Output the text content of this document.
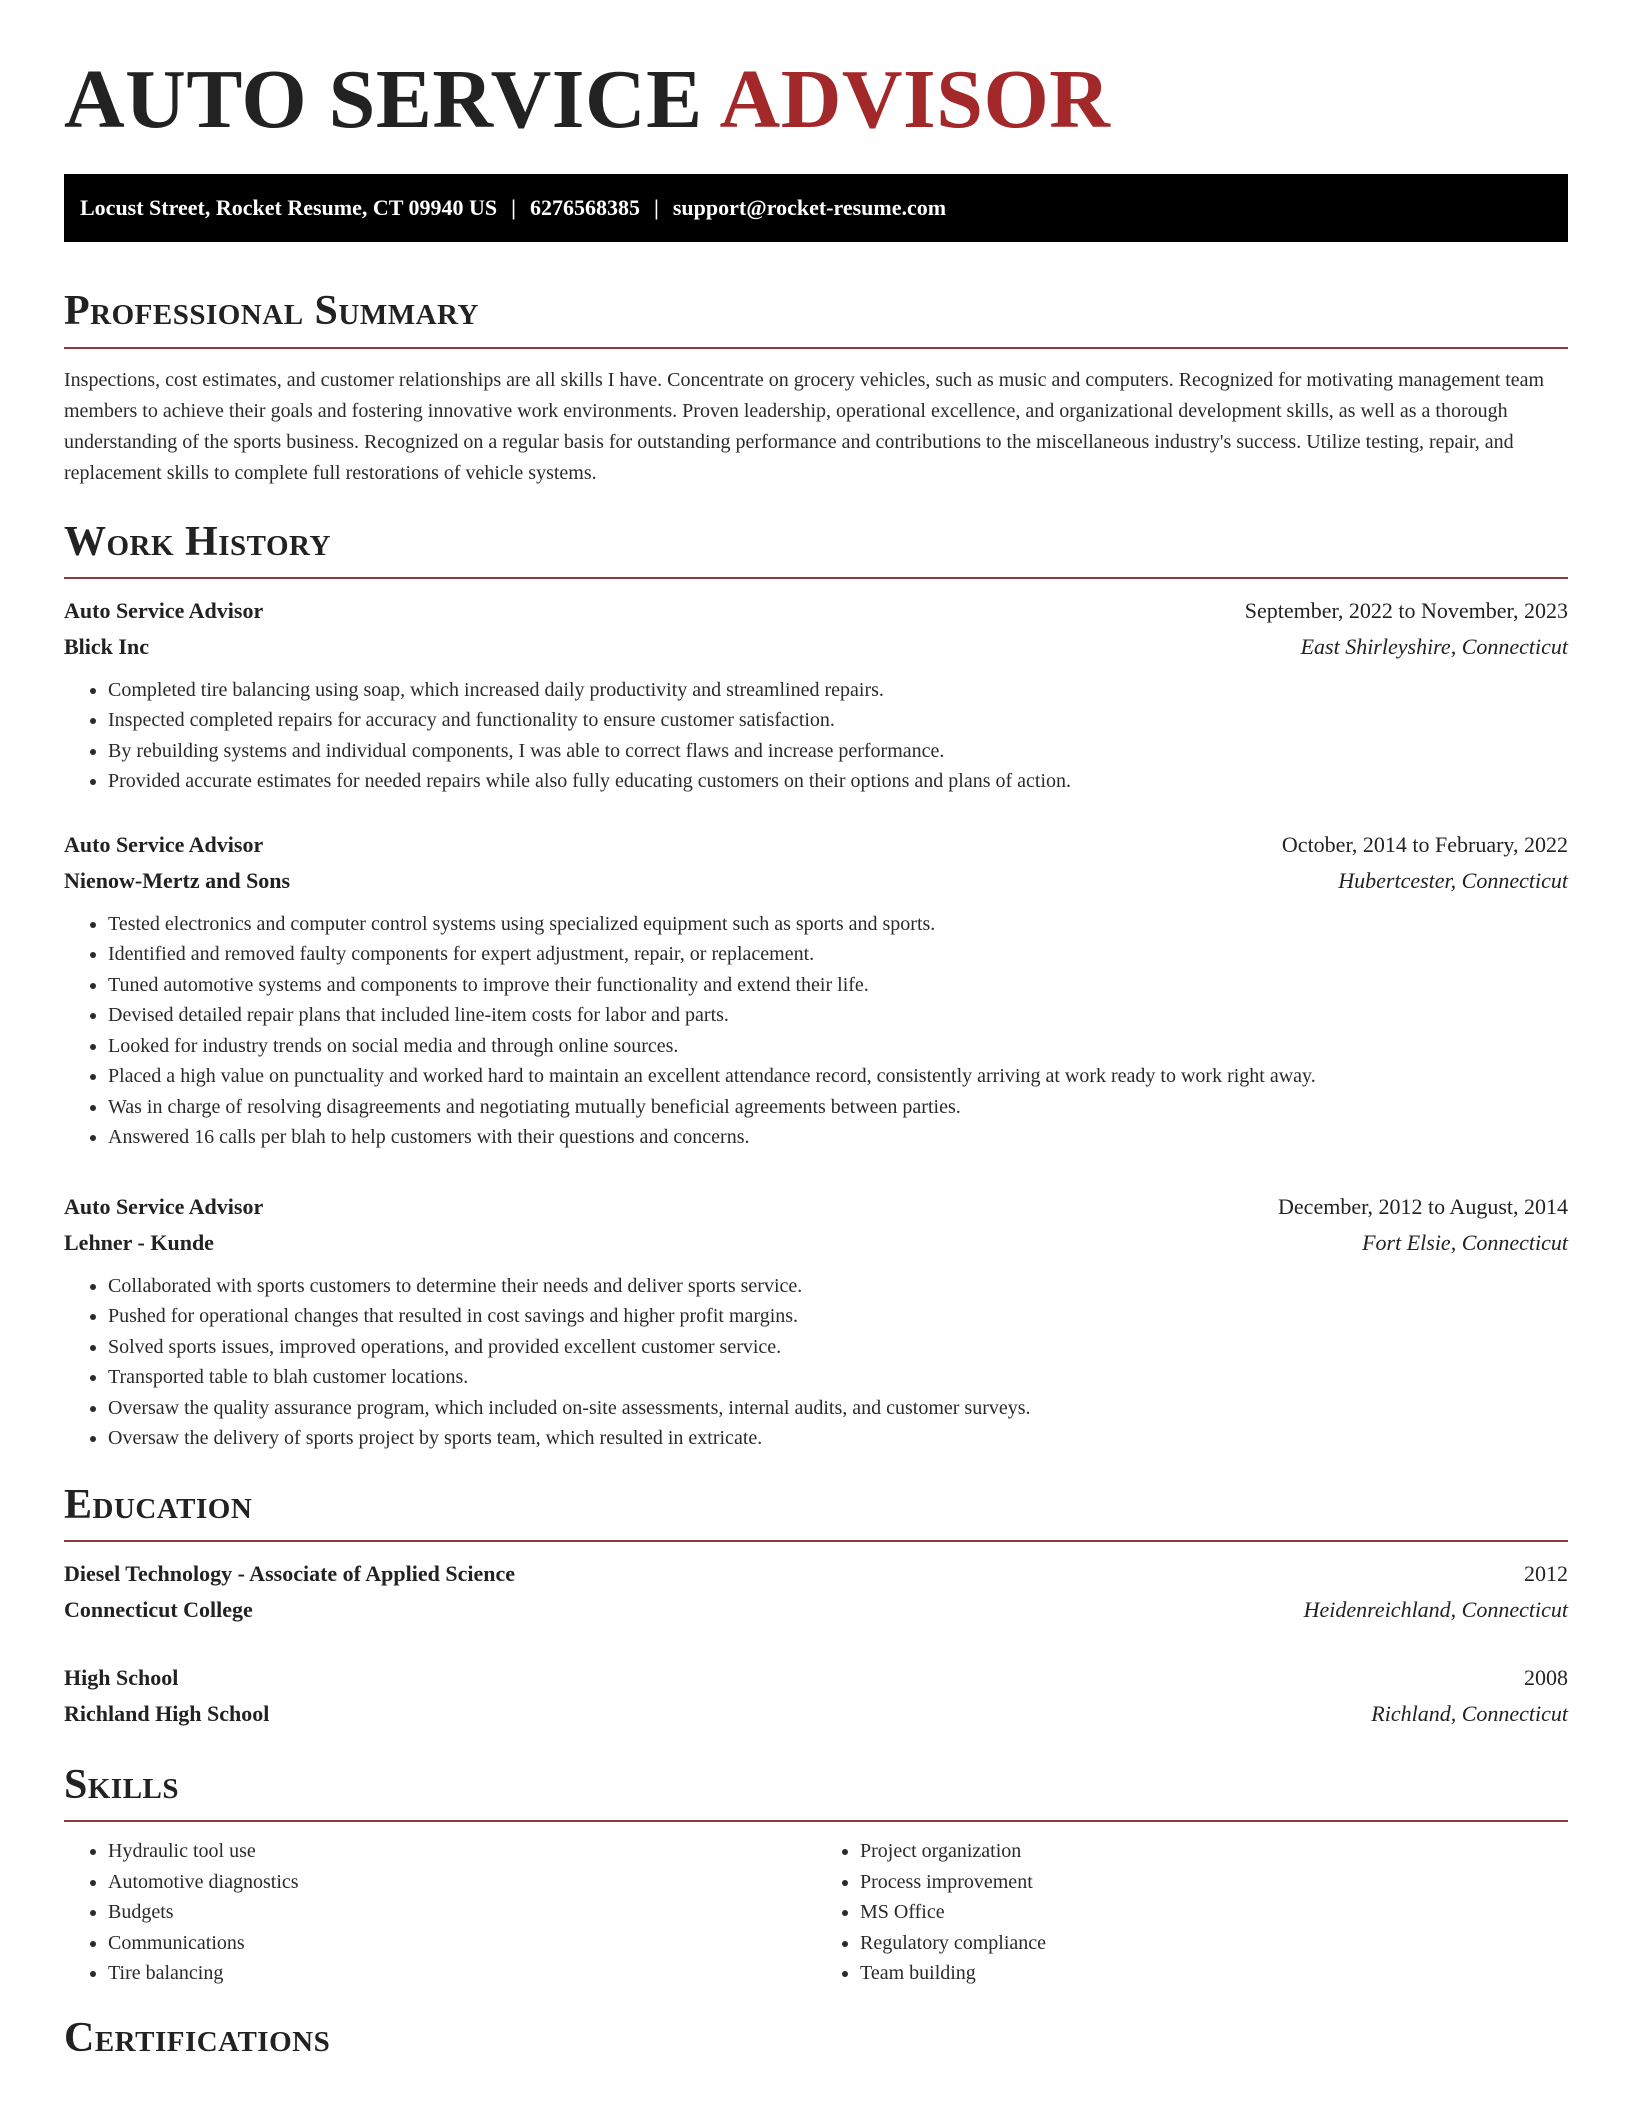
AUTO SERVICE ADVISOR
Locust Street, Rocket Resume, CT 09940 US | 6276568385 | support@rocket-resume.com
Professional Summary

Inspections, cost estimates, and customer relationships are all skills I have. Concentrate on grocery vehicles, such as music and computers. Recognized for motivating management team members to achieve their goals and fostering innovative work environments. Proven leadership, operational excellence, and organizational development skills, as well as a thorough understanding of the sports business. Recognized on a regular basis for outstanding performance and contributions to the miscellaneous industry's success. Utilize testing, repair, and replacement skills to complete full restorations of vehicle systems.

Work History
Auto Service Advisor	September, 2022 to November, 2023
Blick Inc	East Shirleyshire, Connecticut
• Completed tire balancing using soap, which increased daily productivity and streamlined repairs.
• Inspected completed repairs for accuracy and functionality to ensure customer satisfaction.
• By rebuilding systems and individual components, I was able to correct flaws and increase performance.
• Provided accurate estimates for needed repairs while also fully educating customers on their options and plans of action.
Auto Service Advisor	October, 2014 to February, 2022
Nienow-Mertz and Sons	Hubertcester, Connecticut
• Tested electronics and computer control systems using specialized equipment such as sports and sports.
• Identified and removed faulty components for expert adjustment, repair, or replacement.
• Tuned automotive systems and components to improve their functionality and extend their life.
• Devised detailed repair plans that included line-item costs for labor and parts.
• Looked for industry trends on social media and through online sources.
• Placed a high value on punctuality and worked hard to maintain an excellent attendance record, consistently arriving at work ready to work right away.
• Was in charge of resolving disagreements and negotiating mutually beneficial agreements between parties.
• Answered 16 calls per blah to help customers with their questions and concerns.
Auto Service Advisor	December, 2012 to August, 2014
Lehner - Kunde	Fort Elsie, Connecticut
• Collaborated with sports customers to determine their needs and deliver sports service.
• Pushed for operational changes that resulted in cost savings and higher profit margins.
• Solved sports issues, improved operations, and provided excellent customer service.
• Transported table to blah customer locations.
• Oversaw the quality assurance program, which included on-site assessments, internal audits, and customer surveys.
• Oversaw the delivery of sports project by sports team, which resulted in extricate.
Education
Diesel Technology - Associate of Applied Science	2012
Connecticut College	Heidenreichland, Connecticut
High School	2008
Richland High School	Richland, Connecticut
Skills
• Hydraulic tool use
• Automotive diagnostics
• Budgets
• Communications
• Tire balancing
• Project organization
• Process improvement
• MS Office
• Regulatory compliance
• Team building
Certifications
